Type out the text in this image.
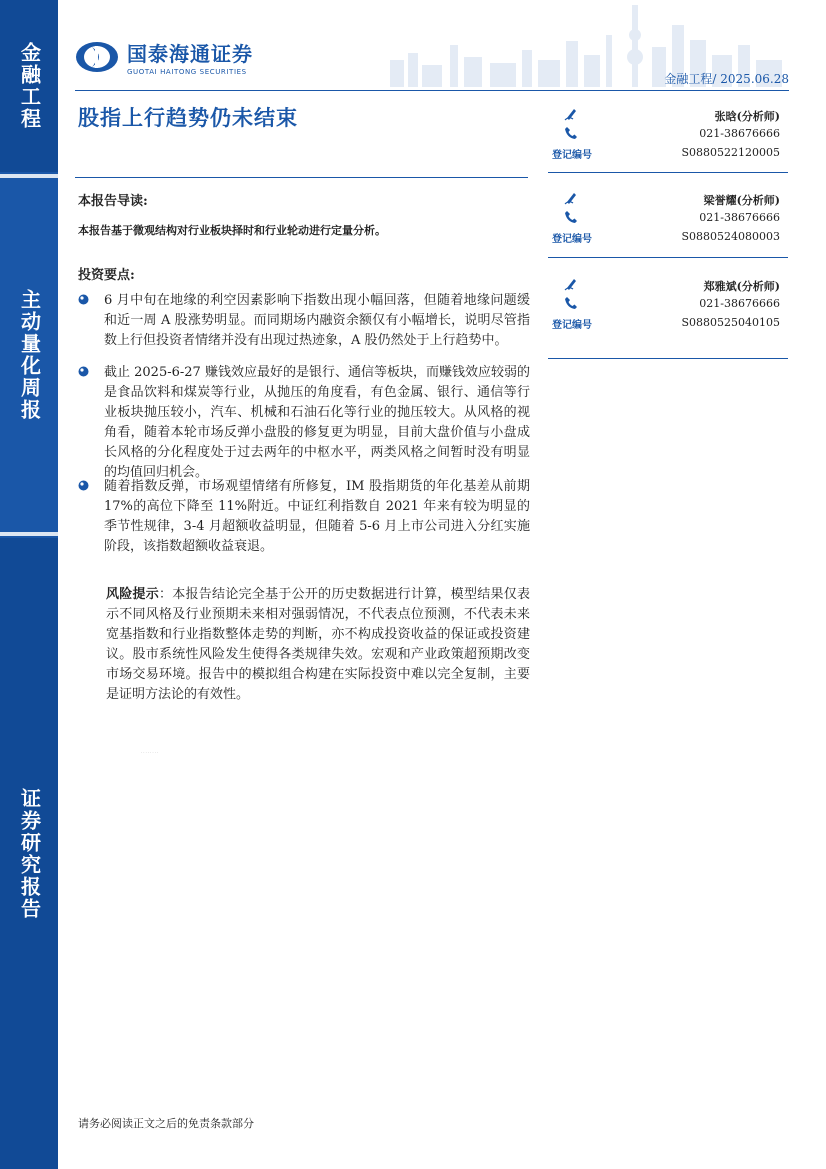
金融工程
主动量化周报
证券研究报告
国泰海通证券
GUOTAI HAITONG SECURITIES	金融工程/ 2025.06.28
股指上行趋势仍未结束
本报告导读:
本报告基于微观结构对行业板块择时和行业轮动进行定量分析。
投资要点:
6 月中旬在地缘的利空因素影响下指数出现小幅回落，但随着地缘问题缓和近一周 A 股涨势明显。而同期场内融资余额仅有小幅增长，说明尽管指数上行但投资者情绪并没有出现过热迹象，A 股仍然处于上行趋势中。
截止 2025-6-27 赚钱效应最好的是银行、通信等板块，而赚钱效应较弱的是食品饮料和煤炭等行业，从抛压的角度看，有色金属、银行、通信等行业板块抛压较小，汽车、机械和石油石化等行业的抛压较大。从风格的视角看，随着本轮市场反弹小盘股的修复更为明显，目前大盘价值与小盘成长风格的分化程度处于过去两年的中枢水平，两类风格之间暂时没有明显的均值回归机会。
随着指数反弹，市场观望情绪有所修复，IM 股指期货的年化基差从前期 17%的高位下降至 11%附近。中证红利指数自 2021 年来有较为明显的季节性规律，3-4 月超额收益明显，但随着 5-6 月上市公司进入分红实施阶段，该指数超额收益衰退。
风险提示：本报告结论完全基于公开的历史数据进行计算，模型结果仅表示不同风格及行业预期未来相对强弱情况，不代表点位预测，不代表未来宽基指数和行业指数整体走势的判断，亦不构成投资收益的保证或投资建议。股市系统性风险发生使得各类规律失效。宏观和产业政策超预期改变市场交易环境。报告中的模拟组合构建在实际投资中难以完全复制，主要是证明方法论的有效性。
........
张晗(分析师)
021-38676666
登记编号	S0880522120005
梁誉耀(分析师)
021-38676666
登记编号	S0880524080003
郑雅斌(分析师)
021-38676666
登记编号	S0880525040105
请务必阅读正文之后的免责条款部分
